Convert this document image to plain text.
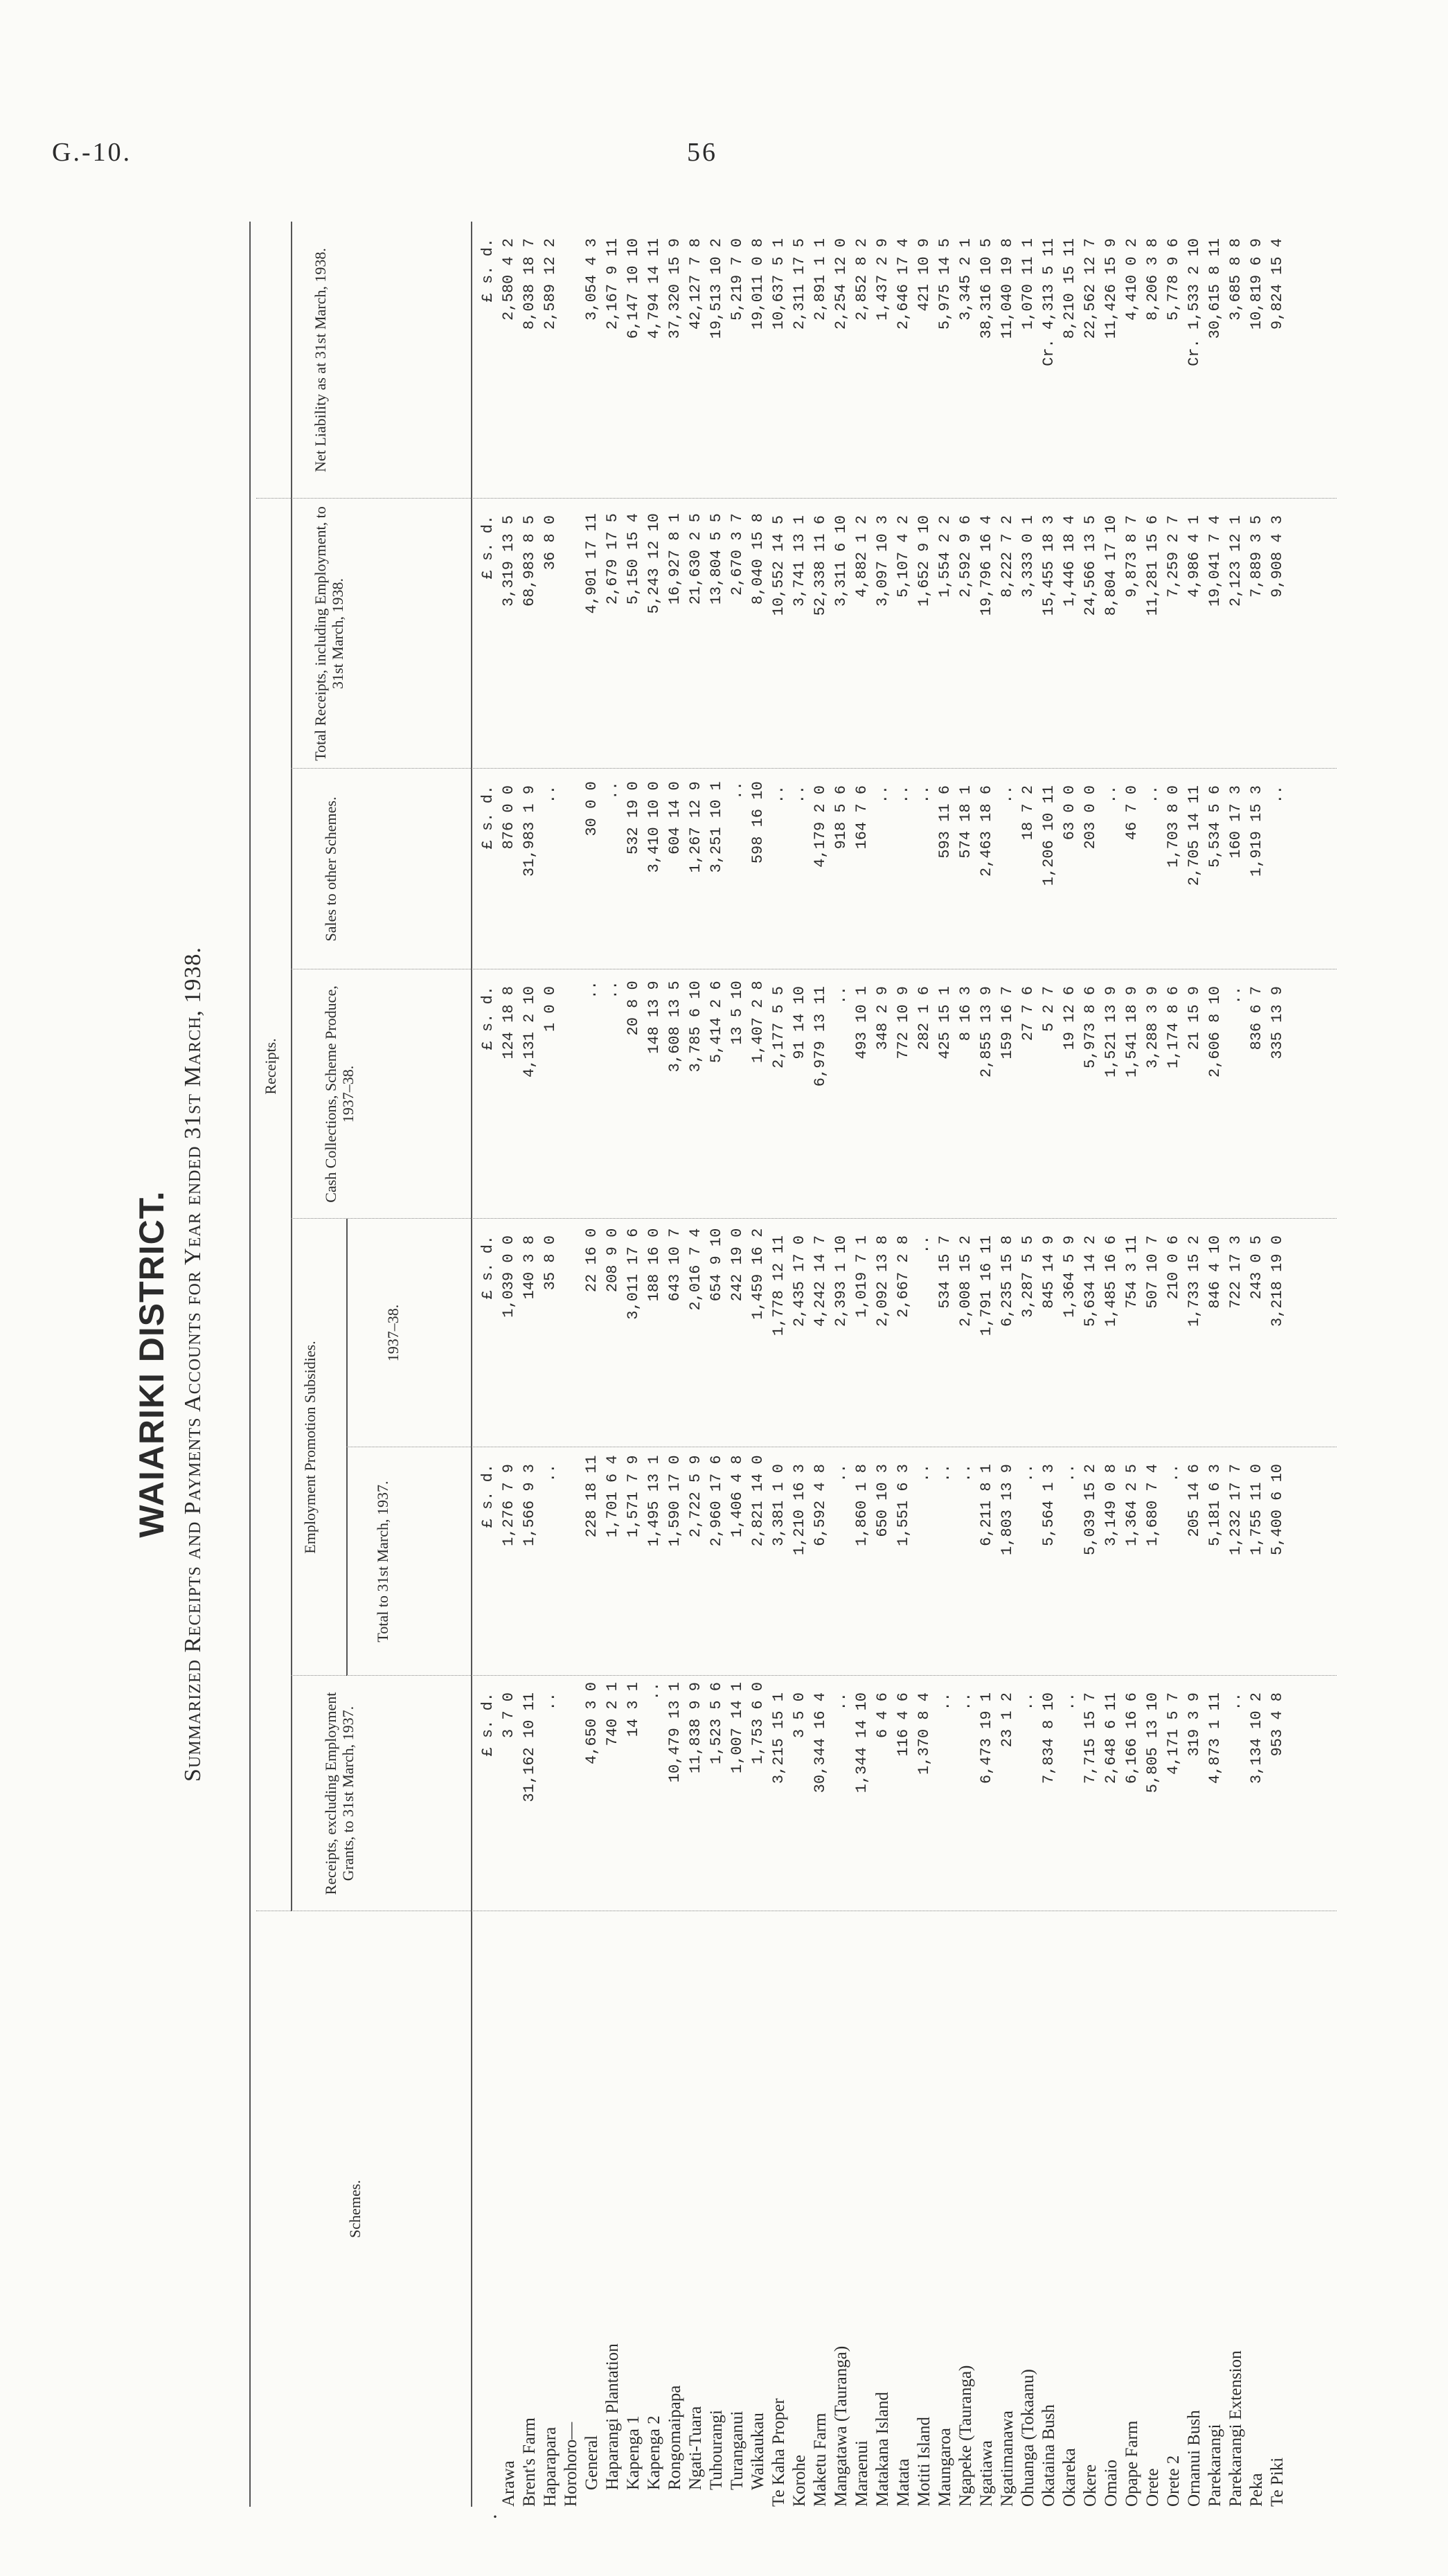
G.-10.	56
WAIARIKI DISTRICT. Summarized Receipts and Payments Accounts for Year ended 31st March, 1938.
Schemes.
Receipts.
Receipts, excluding Employment Grants, to 31st March, 1937.
Employment Promotion Subsidies.
Total to 31st March, 1937.
1937–38.
Cash Collections, Scheme Produce, 1937–38.
Sales to other Schemes.
Total Receipts, including Employment, to 31st March, 1938.
Net Liability as at 31st March, 1938.
£ s. d.
£ s. d.
£ s. d.
£ s. d.
£ s. d.
£ s. d.
£ s. d.
Arawa
3 7 0
1,276 7 9
1,039 0 0
124 18 8
876 0 0
3,319 13 5
2,580 4 2
Brent's Farm
31,162 10 11
1,566 9 3
140 3 8
4,131 2 10
31,983 1 9
68,983 8 5
8,038 18 7
Haparapara
..
..
35 8 0
1 0 0
..
36 8 0
2,589 12 2
Horohoro— General
4,650 3 0
228 18 11
22 16 0
..
30 0 0
4,901 17 11
3,054 4 3
Haparangi Plantation
740 2 1
1,701 6 4
208 9 0
..
..
2,679 17 5
2,167 9 11
Kapenga 1
14 3 1
1,571 7 9
3,011 17 6
20 8 0
532 19 0
5,150 15 4
6,147 10 10
Kapenga 2
..
1,495 13 1
188 16 0
148 13 9
3,410 10 0
5,243 12 10
4,794 14 11
Rongomaipapa
10,479 13 1
1,590 17 0
643 10 7
3,608 13 5
604 14 0
16,927 8 1
37,320 15 9
Ngati-Tuara
11,838 9 9
2,722 5 9
2,016 7 4
3,785 6 10
1,267 12 9
21,630 2 5
42,127 7 8
Tuhourangi
1,523 5 6
2,960 17 6
654 9 10
5,414 2 6
3,251 10 1
13,804 5 5
19,513 10 2
Turanganui
1,007 14 1
1,406 4 8
242 19 0
13 5 10
..
2,670 3 7
5,219 7 0
Waikaukau
1,753 6 0
2,821 14 0
1,459 16 2
1,407 2 8
598 16 10
8,040 15 8
19,011 0 8
Te Kaha Proper
3,215 15 1
3,381 1 0
1,778 12 11
2,177 5 5
..
10,552 14 5
10,637 5 1
Korohe
3 5 0
1,210 16 3
2,435 17 0
91 14 10
..
3,741 13 1
2,311 17 5
Maketu Farm
30,344 16 4
6,592 4 8
4,242 14 7
6,979 13 11
4,179 2 0
52,338 11 6
2,891 1 1
Mangatawa (Tauranga)
..
..
2,393 1 10
..
918 5 6
3,311 6 10
2,254 12 0
Maraenui
1,344 14 10
1,860 1 8
1,019 7 1
493 10 1
164 7 6
4,882 1 2
2,852 8 2
Matakana Island
6 4 6
650 10 3
2,092 13 8
348 2 9
..
3,097 10 3
1,437 2 9
Matata
116 4 6
1,551 6 3
2,667 2 8
772 10 9
..
5,107 4 2
2,646 17 4
Motiti Island
1,370 8 4
..
..
282 1 6
..
1,652 9 10
421 10 9
Maungaroa
..
..
534 15 7
425 15 1
593 11 6
1,554 2 2
5,975 14 5
Ngapeke (Tauranga)
..
..
2,008 15 2
8 16 3
574 18 1
2,592 9 6
3,345 2 1
Ngatiawa
6,473 19 1
6,211 8 1
1,791 16 11
2,855 13 9
2,463 18 6
19,796 16 4
38,316 10 5
Ngatimanawa
23 1 2
1,803 13 9
6,235 15 8
159 16 7
..
8,222 7 2
11,040 19 8
Ohuanga (Tokaanu)
..
..
3,287 5 5
27 7 6
18 7 2
3,333 0 1
1,070 11 1
Okataina Bush
7,834 8 10
5,564 1 3
845 14 9
5 2 7
1,206 10 11
15,455 18 3
Cr. 4,313 5 11
Okareka
..
..
1,364 5 9
19 12 6
63 0 0
1,446 18 4
8,210 15 11
Okere
7,715 15 7
5,039 15 2
5,634 14 2
5,973 8 6
203 0 0
24,566 13 5
22,562 12 7
Omaio
2,648 6 11
3,149 0 8
1,485 16 6
1,521 13 9
..
8,804 17 10
11,426 15 9
Opape Farm
6,166 16 6
1,364 2 5
754 3 11
1,541 18 9
46 7 0
9,873 8 7
4,410 0 2
Orete
5,805 13 10
1,680 7 4
507 10 7
3,288 3 9
..
11,281 15 6
8,206 3 8
Orete 2
4,171 5 7
..
210 0 6
1,174 8 6
1,703 8 0
7,259 2 7
5,778 9 6
Ornanui Bush
319 3 9
205 14 6
1,733 15 2
21 15 9
2,705 14 11
4,986 4 1
Cr. 1,533 2 10
Parekarangi
4,873 1 11
5,181 6 3
846 4 10
2,606 8 10
5,534 5 6
19,041 7 4
30,615 8 11
Parekarangi Extension
..
1,232 17 7
722 17 3
..
160 17 3
2,123 12 1
3,685 8 8
Peka
3,134 10 2
1,755 11 0
243 0 5
836 6 7
1,919 15 3
7,889 3 5
10,819 6 9
Te Piki
953 4 8
5,400 6 10
3,218 19 0
335 13 9
..
9,908 4 3
9,824 15 4
·
